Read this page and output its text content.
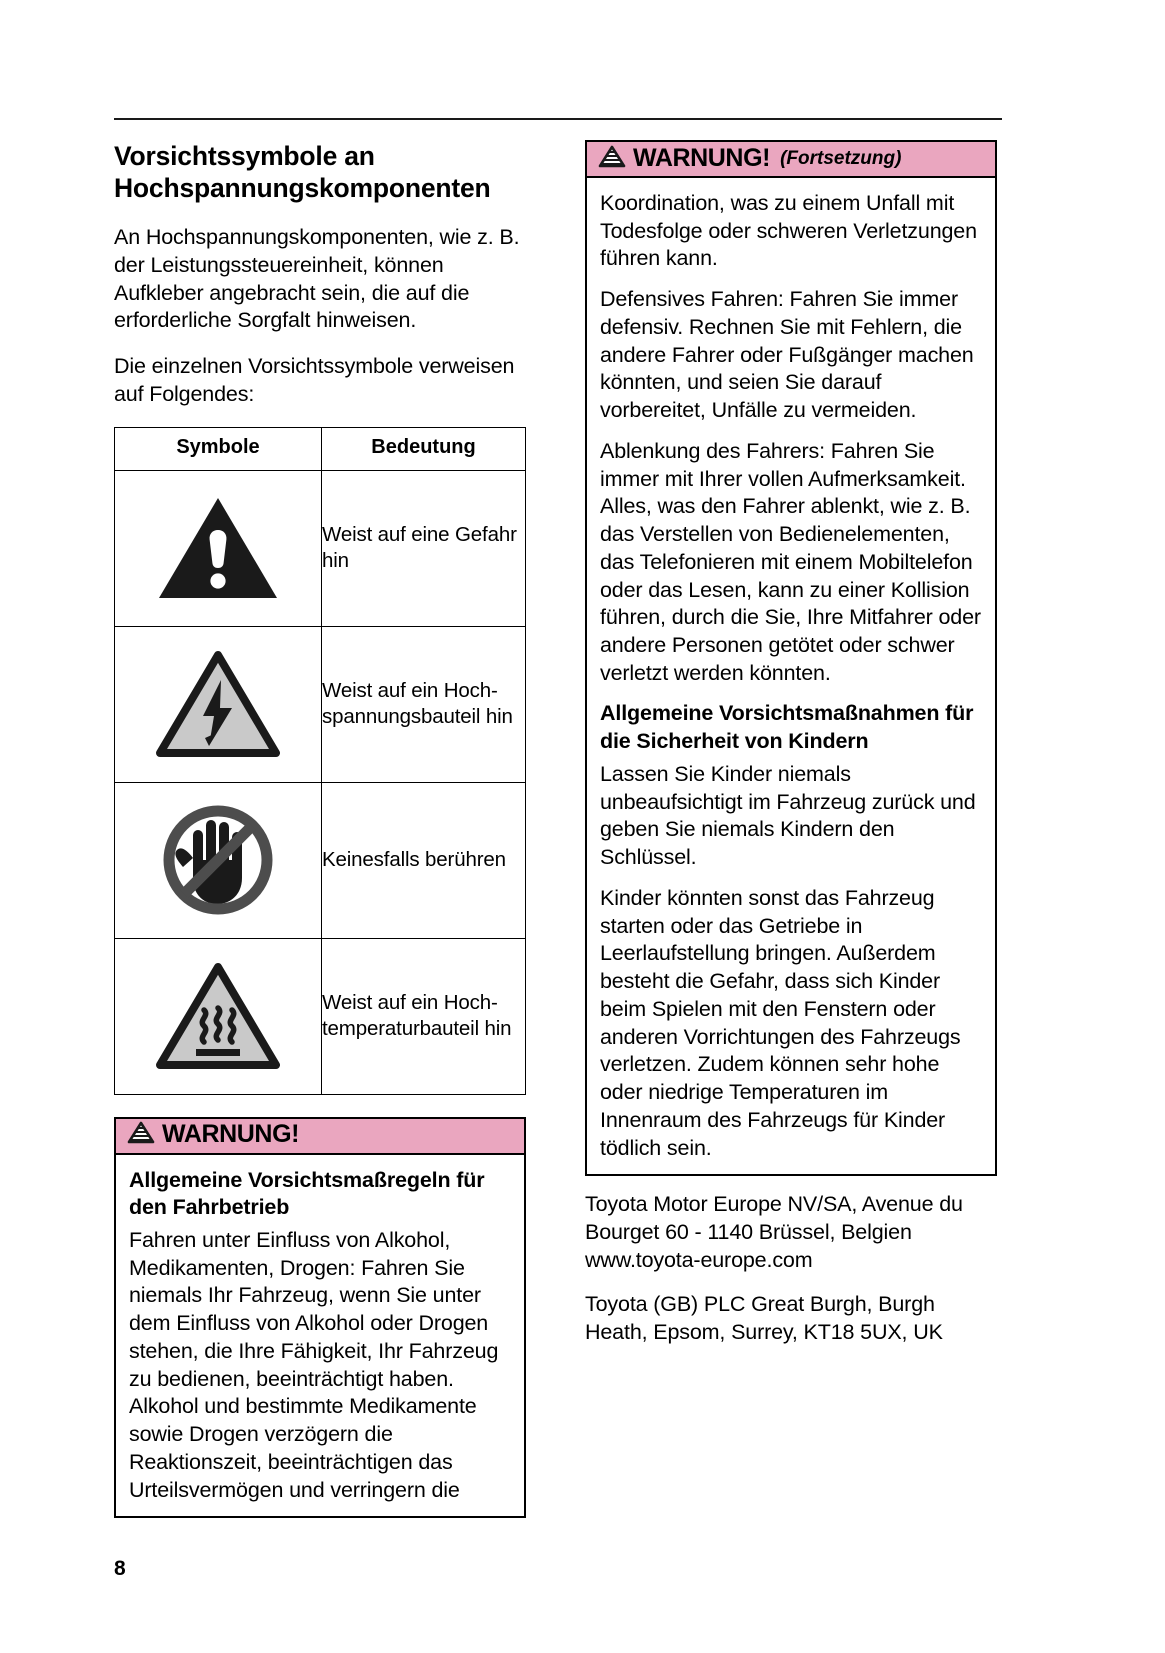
Vorsichtssymbole an Hochspannungskomponenten

An Hochspannungskomponenten, wie z. B. der Leistungssteuereinheit, können Aufkleber angebracht sein, die auf die erforderliche Sorgfalt hinweisen.

Die einzelnen Vorsichtssymbole verweisen auf Folgendes:

Symbole	Bedeutung

	Weist auf eine Gefahr hin

	Weist auf ein Hoch-spannungsbauteil hin

	Keinesfalls berühren

	Weist auf ein Hoch-temperaturbauteil hin
WARNUNG!
Allgemeine Vorsichtsmaßregeln für den Fahrbetrieb

Fahren unter Einfluss von Alkohol, Medikamenten, Drogen: Fahren Sie niemals Ihr Fahrzeug, wenn Sie unter dem Einfluss von Alkohol oder Drogen stehen, die Ihre Fähigkeit, Ihr Fahrzeug zu bedienen, beeinträchtigt haben. Alkohol und bestimmte Medikamente sowie Drogen verzögern die Reaktionszeit, beeinträchtigen das Urteilsvermögen und verringern die

WARNUNG! (Fortsetzung)

Koordination, was zu einem Unfall mit Todesfolge oder schweren Verletzungen führen kann.

Defensives Fahren: Fahren Sie immer defensiv. Rechnen Sie mit Fehlern, die andere Fahrer oder Fußgänger machen könnten, und seien Sie darauf vorbereitet, Unfälle zu vermeiden.

Ablenkung des Fahrers: Fahren Sie immer mit Ihrer vollen Aufmerksamkeit. Alles, was den Fahrer ablenkt, wie z. B. das Verstellen von Bedienelementen, das Telefonieren mit einem Mobiltelefon oder das Lesen, kann zu einer Kollision führen, durch die Sie, Ihre Mitfahrer oder andere Personen getötet oder schwer verletzt werden könnten.

Allgemeine Vorsichtsmaßnahmen für die Sicherheit von Kindern

Lassen Sie Kinder niemals unbeaufsichtigt im Fahrzeug zurück und geben Sie niemals Kindern den Schlüssel.

Kinder könnten sonst das Fahrzeug starten oder das Getriebe in Leerlaufstellung bringen. Außerdem besteht die Gefahr, dass sich Kinder beim Spielen mit den Fenstern oder anderen Vorrichtungen des Fahrzeugs verletzen. Zudem können sehr hohe oder niedrige Temperaturen im Innenraum des Fahrzeugs für Kinder tödlich sein.

Toyota Motor Europe NV/SA, Avenue du Bourget 60 - 1140 Brüssel, Belgien www.toyota-europe.com

Toyota (GB) PLC Great Burgh, Burgh Heath, Epsom, Surrey, KT18 5UX, UK

8
